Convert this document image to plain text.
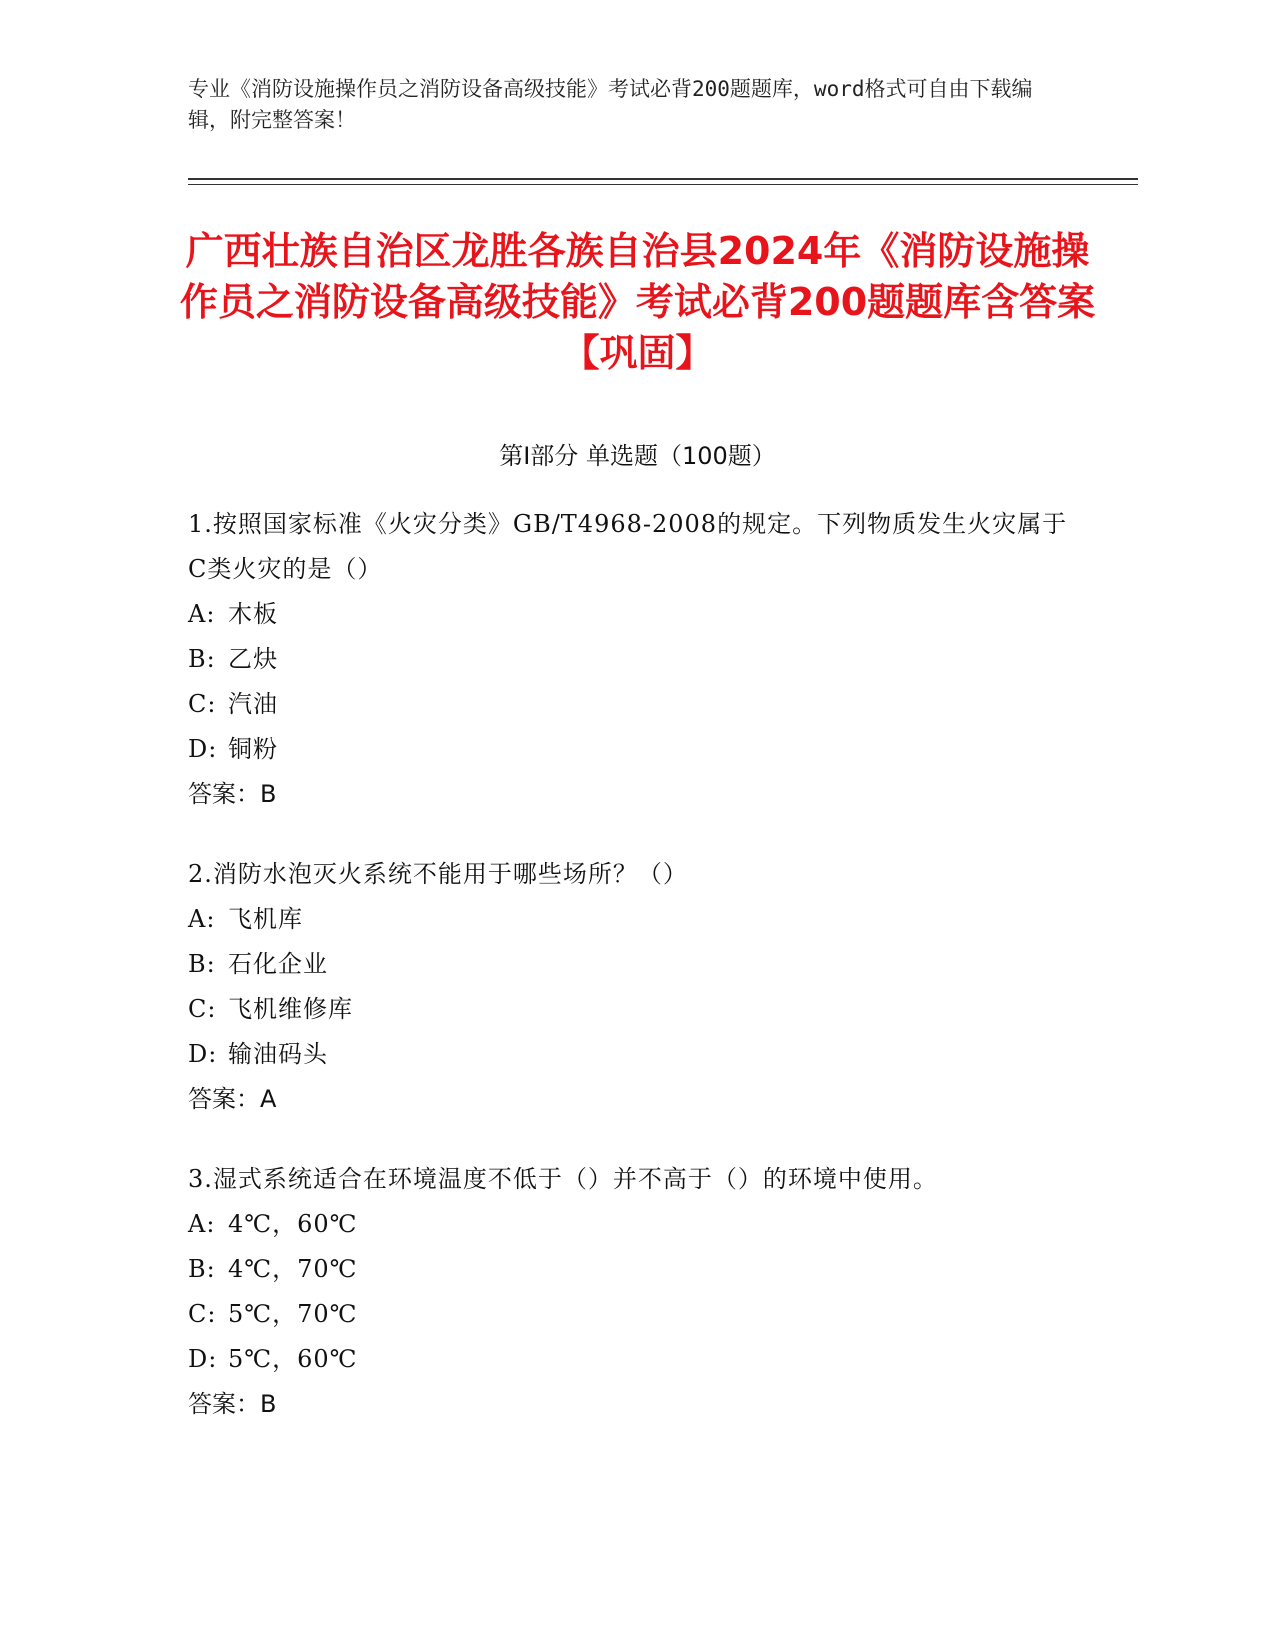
专业《消防设施操作员之消防设备高级技能》考试必背200题题库，word格式可自由下载编辑，附完整答案！
广西壮族自治区龙胜各族自治县2024年《消防设施操作员之消防设备高级技能》考试必背200题题库含答案【巩固】
第I部分 单选题（100题）
1.按照国家标准《火灾分类》GB/T4968-2008的规定。下列物质发生火灾属于C类火灾的是（）
A: 木板
B: 乙炔
C: 汽油
D: 铜粉
答案：B
2.消防水泡灭火系统不能用于哪些场所？（）
A: 飞机库
B: 石化企业
C: 飞机维修库
D: 输油码头
答案：A
3.湿式系统适合在环境温度不低于（）并不高于（）的环境中使用。
A: 4℃，60℃
B: 4℃，70℃
C: 5℃，70℃
D: 5℃，60℃
答案：B
